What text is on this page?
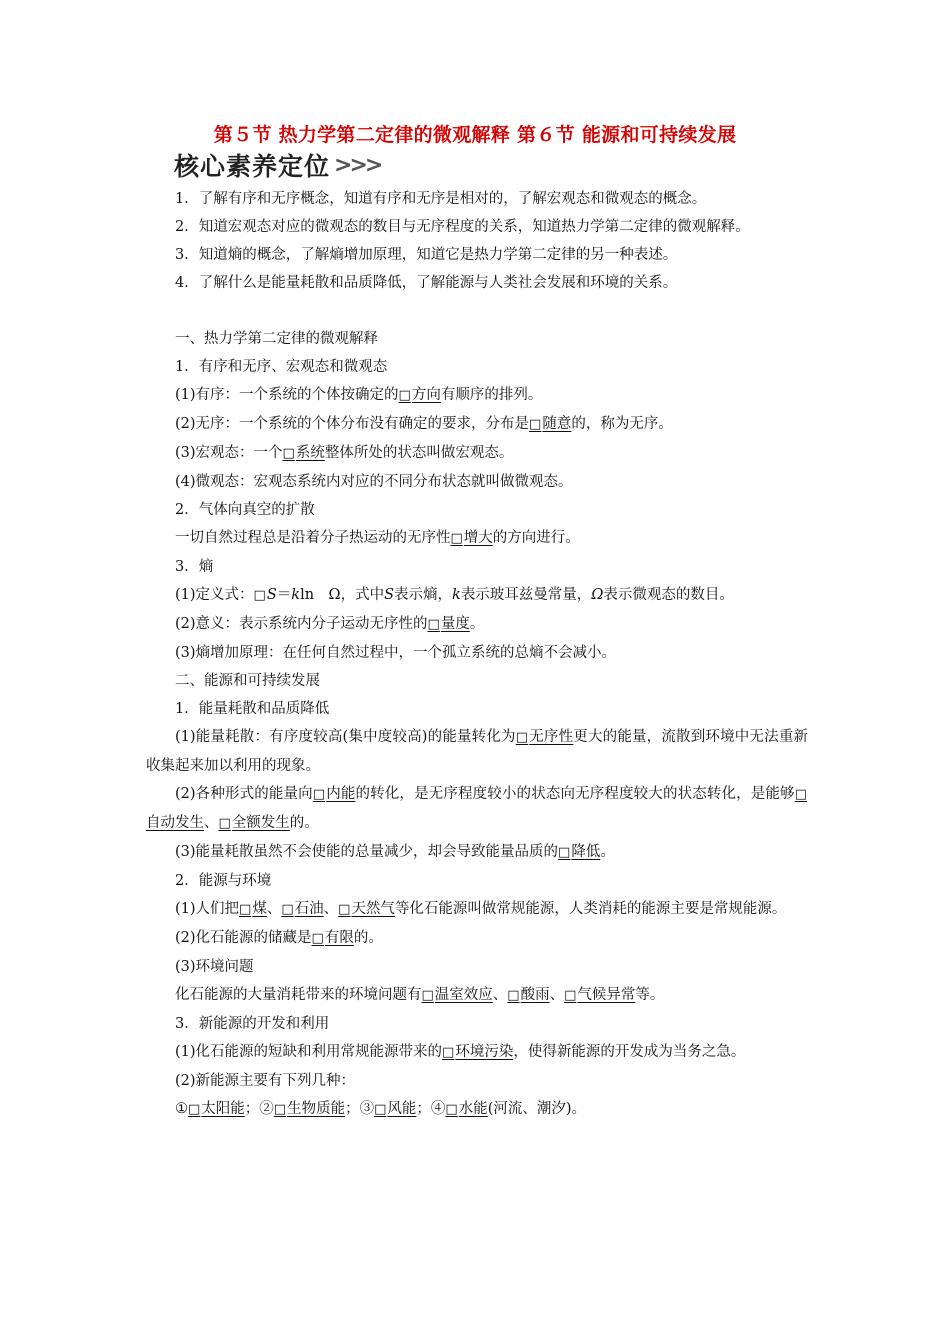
第５节 热力学第二定律的微观解释 第６节 能源和可持续发展
核心素养定位 >>>

1．了解有序和无序概念，知道有序和无序是相对的，了解宏观态和微观态的概念。

2．知道宏观态对应的微观态的数目与无序程度的关系，知道热力学第二定律的微观解释。

3．知道熵的概念，了解熵增加原理，知道它是热力学第二定律的另一种表述。

4．了解什么是能量耗散和品质降低，了解能源与人类社会发展和环境的关系。

一、热力学第二定律的微观解释

1．有序和无序、宏观态和微观态

(1)有序：一个系统的个体按确定的□方向有顺序的排列。

(2)无序：一个系统的个体分布没有确定的要求，分布是□随意的，称为无序。

(3)宏观态：一个□系统整体所处的状态叫做宏观态。

(4)微观态：宏观态系统内对应的不同分布状态就叫做微观态。

2．气体向真空的扩散

一切自然过程总是沿着分子热运动的无序性□增大的方向进行。

3．熵

(1)定义式：□S＝kln　Ω，式中S表示熵，k表示玻耳兹曼常量，Ω表示微观态的数目。

(2)意义：表示系统内分子运动无序性的□量度。

(3)熵增加原理：在任何自然过程中，一个孤立系统的总熵不会减小。

二、能源和可持续发展

1．能量耗散和品质降低

(1)能量耗散：有序度较高(集中度较高)的能量转化为□无序性更大的能量，流散到环境中无法重新收集起来加以利用的现象。

(2)各种形式的能量向□内能的转化，是无序程度较小的状态向无序程度较大的状态转化，是能够□自动发生、□全额发生的。

(3)能量耗散虽然不会使能的总量减少，却会导致能量品质的□降低。

2．能源与环境

(1)人们把□煤、□石油、□天然气等化石能源叫做常规能源，人类消耗的能源主要是常规能源。

(2)化石能源的储藏是□有限的。

(3)环境问题

化石能源的大量消耗带来的环境问题有□温室效应、□酸雨、□气候异常等。

3．新能源的开发和利用

(1)化石能源的短缺和利用常规能源带来的□环境污染，使得新能源的开发成为当务之急。

(2)新能源主要有下列几种：

①□太阳能；②□生物质能；③□风能；④□水能(河流、潮汐)。
